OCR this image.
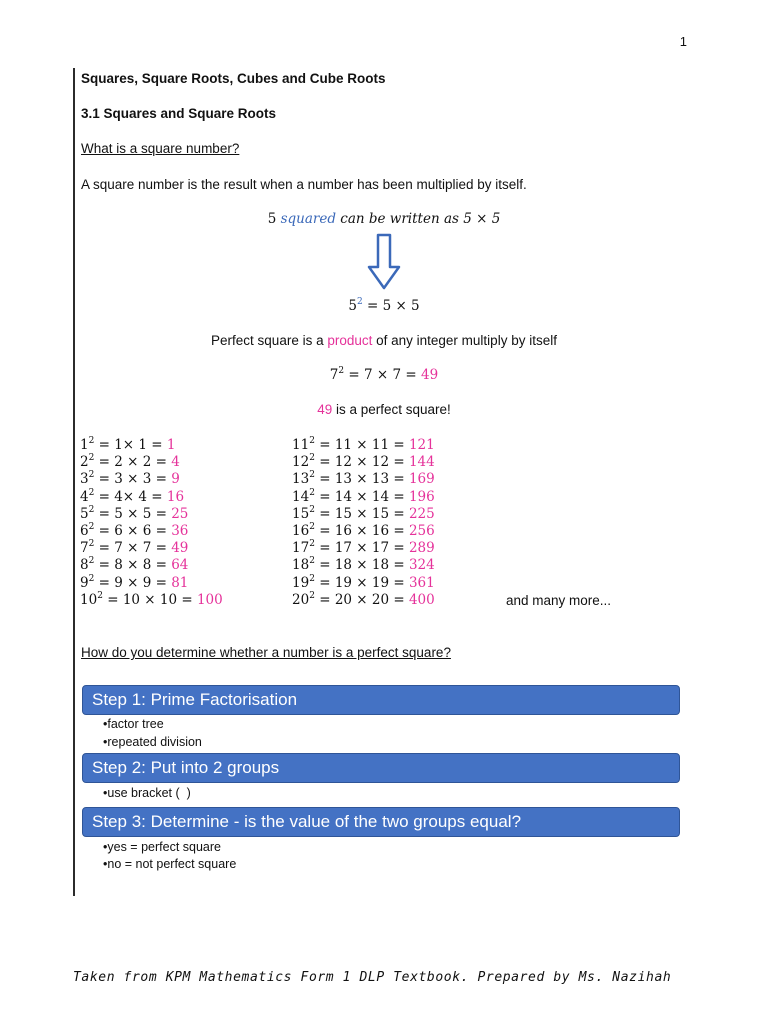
1
Squares, Square Roots, Cubes and Cube Roots
3.1 Squares and Square Roots
What is a square number?
A square number is the result when a number has been multiplied by itself.
5 squared can be written as 5 × 5
$5^2 = 5 \times 5$
Perfect square is a product of any integer multiply by itself
$7^2 = 7 \times 7 = 49$
49 is a perfect square!
$1^2 = 1\times 1 = 1$
$2^2 = 2 \times 2 = 4$
$3^2 = 3 \times 3 = 9$
$4^2 = 4\times 4 = 16$
$5^2 = 5 \times 5 = 25$
$6^2 = 6 \times 6 = 36$
$7^2 = 7 \times 7 = 49$
$8^2 = 8 \times 8 = 64$
$9^2 = 9 \times 9 = 81$
$10^2 = 10 \times 10 = 100$
$11^2 = 11 \times 11 = 121$
$12^2 = 12 \times 12 = 144$
$13^2 = 13 \times 13 = 169$
$14^2 = 14 \times 14 = 196$
$15^2 = 15 \times 15 = 225$
$16^2 = 16 \times 16 = 256$
$17^2 = 17 \times 17 = 289$
$18^2 = 18 \times 18 = 324$
$19^2 = 19 \times 19 = 361$
$20^2 = 20 \times 20 = 400$	and many more...
How do you determine whether a number is a perfect square?
Step 1: Prime Factorisation
•factor tree
•repeated division
Step 2: Put into 2 groups
•use bracket (  )
Step 3: Determine - is the value of the two groups equal?
•yes = perfect square
•no = not perfect square
Taken from KPM Mathematics Form 1 DLP Textbook. Prepared by Ms. Nazihah
